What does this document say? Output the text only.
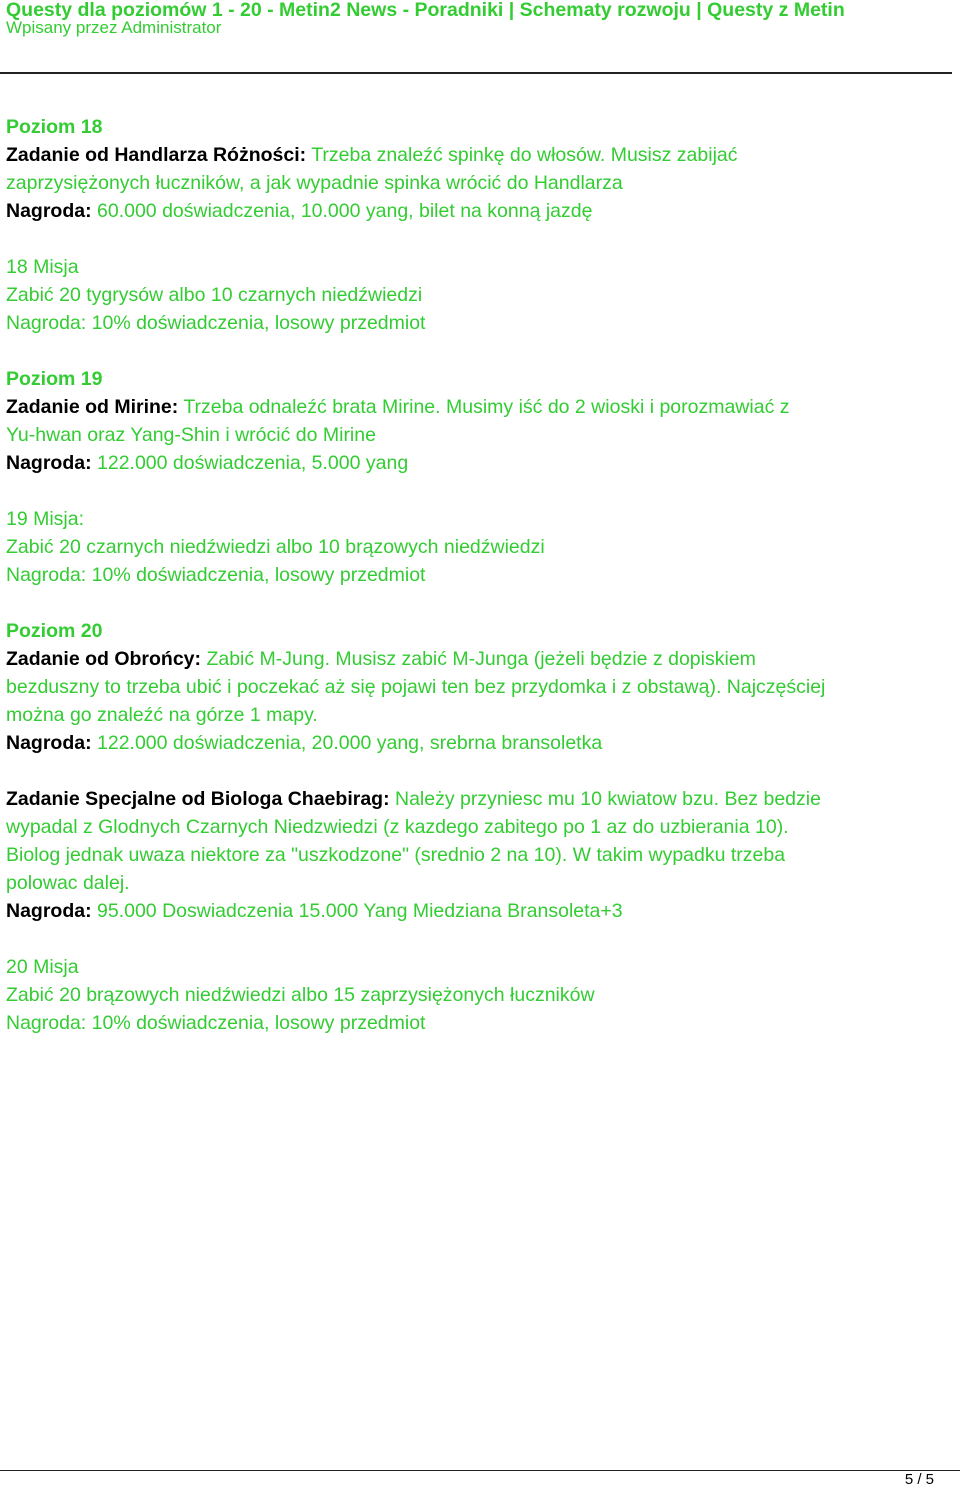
Questy dla poziomów 1 - 20 - Metin2 News - Poradniki | Schematy rozwoju | Questy z Metin
Wpisany przez Administrator
Poziom 18
Zadanie od Handlarza Różności: Trzeba znaleźć spinkę do włosów. Musisz zabijać
zaprzysiężonych łuczników, a jak wypadnie spinka wrócić do Handlarza
Nagroda: 60.000 doświadczenia, 10.000 yang, bilet na konną jazdę
18 Misja
Zabić 20 tygrysów albo 10 czarnych niedźwiedzi
Nagroda: 10% doświadczenia, losowy przedmiot
Poziom 19
Zadanie od Mirine: Trzeba odnaleźć brata Mirine. Musimy iść do 2 wioski i porozmawiać z
Yu-hwan oraz Yang-Shin i wrócić do Mirine
Nagroda: 122.000 doświadczenia, 5.000 yang
19 Misja:
Zabić 20 czarnych niedźwiedzi albo 10 brązowych niedźwiedzi
Nagroda: 10% doświadczenia, losowy przedmiot
Poziom 20
Zadanie od Obrońcy: Zabić M-Jung. Musisz zabić M-Junga (jeżeli będzie z dopiskiem
bezduszny to trzeba ubić i poczekać aż się pojawi ten bez przydomka i z obstawą). Najczęściej
można go znaleźć na górze 1 mapy.
Nagroda: 122.000 doświadczenia, 20.000 yang, srebrna bransoletka
Zadanie Specjalne od Biologa Chaebirag: Należy przyniesc mu 10 kwiatow bzu. Bez bedzie
wypadal z Glodnych Czarnych Niedzwiedzi (z kazdego zabitego po 1 az do uzbierania 10).
Biolog jednak uwaza niektore za "uszkodzone" (srednio 2 na 10). W takim wypadku trzeba
polowac dalej.
Nagroda: 95.000 Doswiadczenia 15.000 Yang Miedziana Bransoleta+3
20 Misja
Zabić 20 brązowych niedźwiedzi albo 15 zaprzysiężonych łuczników
Nagroda: 10% doświadczenia, losowy przedmiot
5 / 5
